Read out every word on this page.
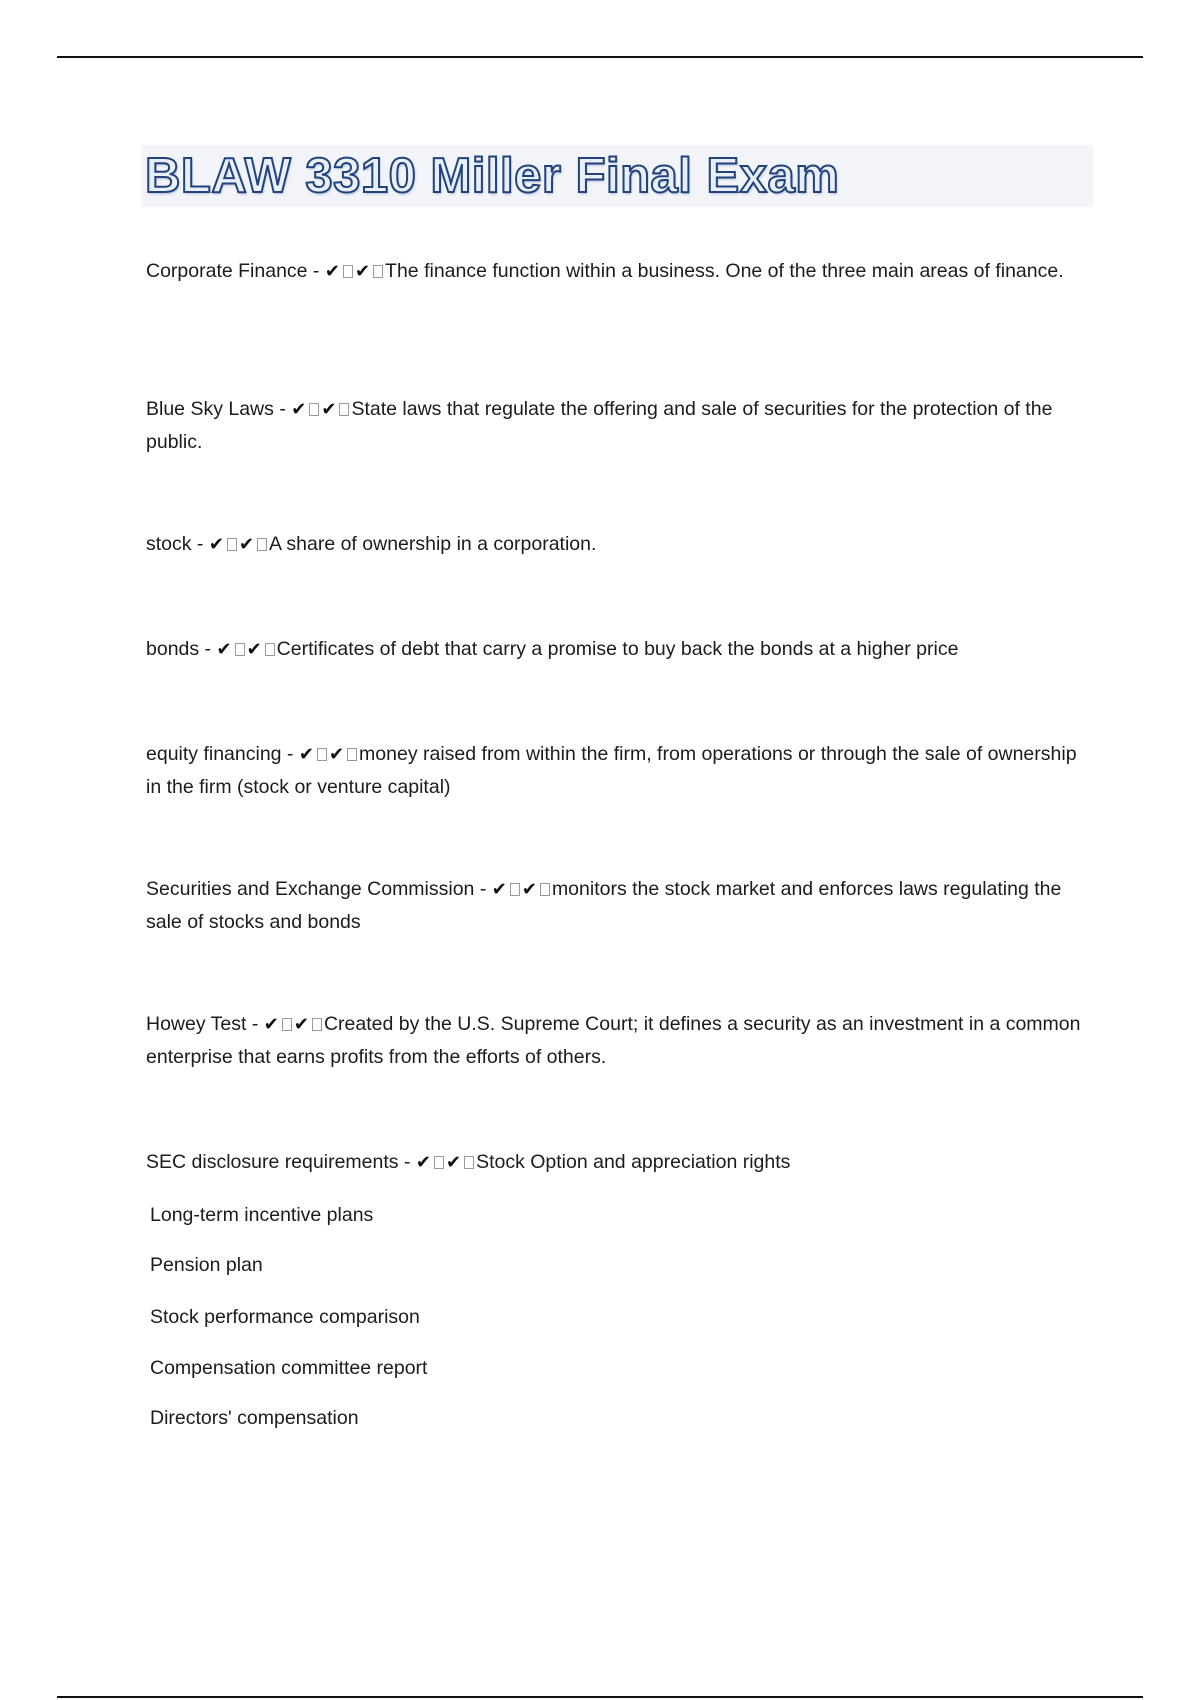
BLAW 3310 Miller Final Exam
Corporate Finance - ✔ ✔ The finance function within a business. One of the three main areas of finance.
Blue Sky Laws - ✔ ✔ State laws that regulate the offering and sale of securities for the protection of the public.
stock - ✔ ✔ A share of ownership in a corporation.
bonds - ✔ ✔ Certificates of debt that carry a promise to buy back the bonds at a higher price
equity financing - ✔ ✔ money raised from within the firm, from operations or through the sale of ownership in the firm (stock or venture capital)
Securities and Exchange Commission - ✔ ✔ monitors the stock market and enforces laws regulating the sale of stocks and bonds
Howey Test - ✔ ✔ Created by the U.S. Supreme Court; it defines a security as an investment in a common enterprise that earns profits from the efforts of others.
SEC disclosure requirements - ✔ ✔ Stock Option and appreciation rights
Long-term incentive plans
Pension plan
Stock performance comparison
Compensation committee report
Directors' compensation
